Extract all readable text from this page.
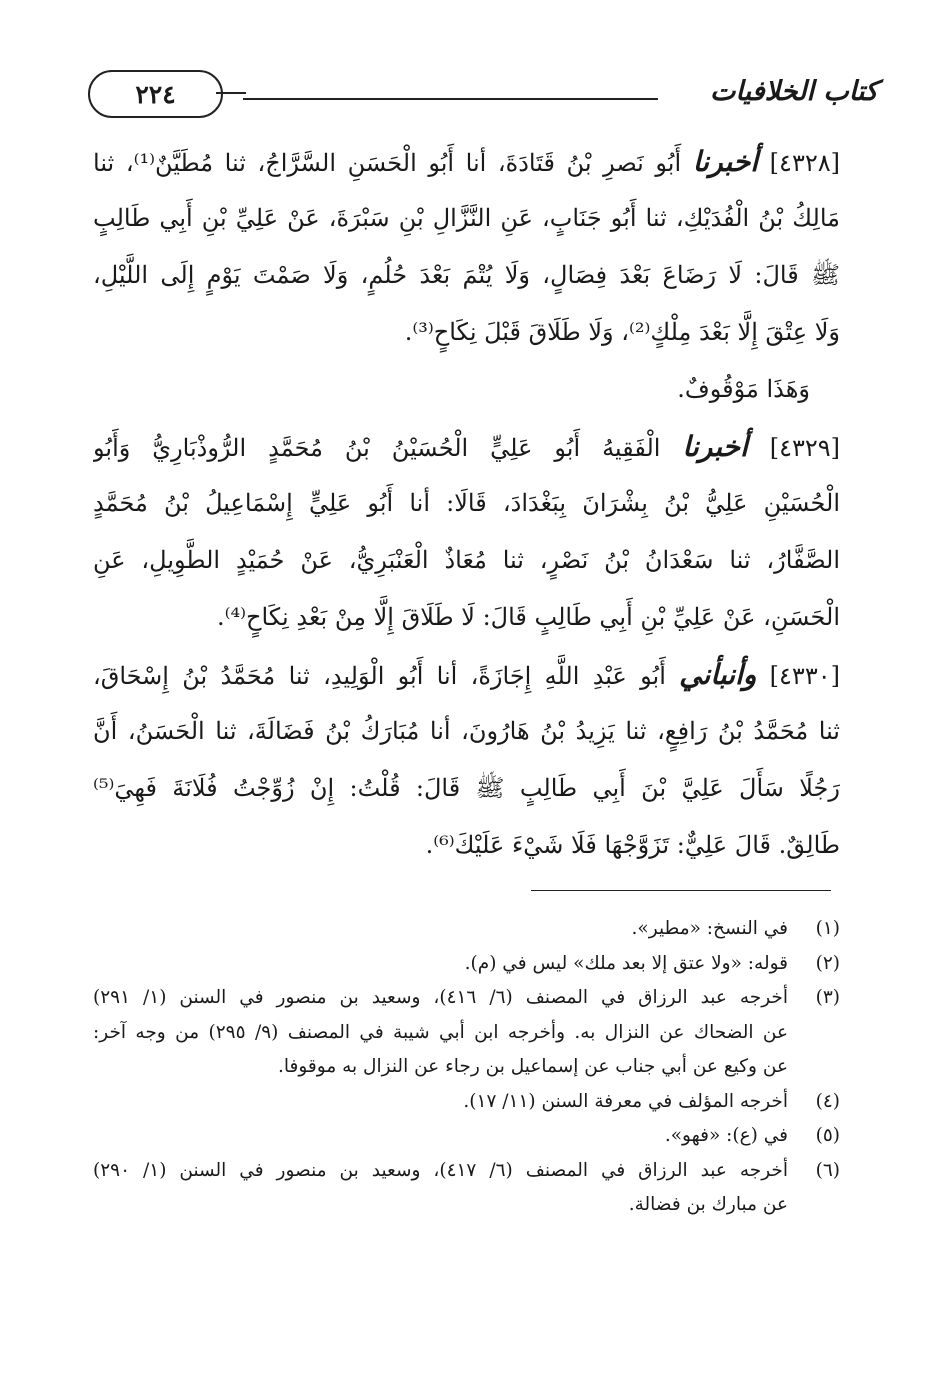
كتاب الخلافيات
٢٢٤
[٤٣٢٨] أخبرنا أَبُو نَصرِ بْنُ قَتَادَةَ، أنا أَبُو الْحَسَنِ السَّرَّاجُ، ثنا مُطَيَّنٌ⁽¹⁾، ثنا
مَالِكُ بْنُ الْفُدَيْكِ، ثنا أَبُو جَنَابٍ، عَنِ النَّزَّالِ بْنِ سَبْرَةَ، عَنْ عَلِيِّ بْنِ أَبِي طَالِبٍ
ﷺ قَالَ: لَا رَضَاعَ بَعْدَ فِصَالٍ، وَلَا يُتْمَ بَعْدَ حُلُمٍ، وَلَا صَمْتَ يَوْمٍ إِلَى اللَّيْلِ،
وَلَا عِتْقَ إِلَّا بَعْدَ مِلْكٍ⁽²⁾، وَلَا طَلَاقَ قَبْلَ نِكَاحٍ⁽³⁾.
وَهَذَا مَوْقُوفٌ.
[٤٣٢٩] أخبرنا الْفَقِيهُ أَبُو عَلِيٍّ الْحُسَيْنُ بْنُ مُحَمَّدٍ الرُّوذْبَارِيُّ وَأَبُو
الْحُسَيْنِ عَلِيُّ بْنُ بِشْرَانَ بِبَغْدَادَ، قَالَا: أنا أَبُو عَلِيٍّ إِسْمَاعِيلُ بْنُ مُحَمَّدٍ
الصَّفَّارُ، ثنا سَعْدَانُ بْنُ نَصْرٍ، ثنا مُعَاذٌ الْعَنْبَرِيُّ، عَنْ حُمَيْدٍ الطَّوِيلِ، عَنِ
الْحَسَنِ، عَنْ عَلِيِّ بْنِ أَبِي طَالِبٍ قَالَ: لَا طَلَاقَ إِلَّا مِنْ بَعْدِ نِكَاحٍ⁽⁴⁾.
[٤٣٣٠] وأنبأني أَبُو عَبْدِ اللَّهِ إِجَازَةً، أنا أَبُو الْوَلِيدِ، ثنا مُحَمَّدُ بْنُ إِسْحَاقَ،
ثنا مُحَمَّدُ بْنُ رَافِعٍ، ثنا يَزِيدُ بْنُ هَارُونَ، أنا مُبَارَكُ بْنُ فَضَالَةَ، ثنا الْحَسَنُ، أَنَّ
رَجُلًا سَأَلَ عَلِيَّ بْنَ أَبِي طَالِبٍ ﷺ قَالَ: قُلْتُ: إِنْ زُوِّجْتُ فُلَانَةَ فَهِيَ⁽⁵⁾
طَالِقٌ. قَالَ عَلِيٌّ: تَزَوَّجْهَا فَلَا شَيْءَ عَلَيْكَ⁽⁶⁾.
(١)
في النسخ: «مطير».
(٢)
قوله: «ولا عتق إلا بعد ملك» ليس في (م).
(٣)
أخرجه عبد الرزاق في المصنف (٦/ ٤١٦)، وسعيد بن منصور في السنن (١/ ٢٩١)
عن الضحاك عن النزال به. وأخرجه ابن أبي شيبة في المصنف (٩/ ٢٩٥) من وجه آخر:
عن وكيع عن أبي جناب عن إسماعيل بن رجاء عن النزال به موقوفا.
(٤)
أخرجه المؤلف في معرفة السنن (١١/ ١٧).
(٥)
في (ع): «فهو».
(٦)
أخرجه عبد الرزاق في المصنف (٦/ ٤١٧)، وسعيد بن منصور في السنن (١/ ٢٩٠)
عن مبارك بن فضالة.
